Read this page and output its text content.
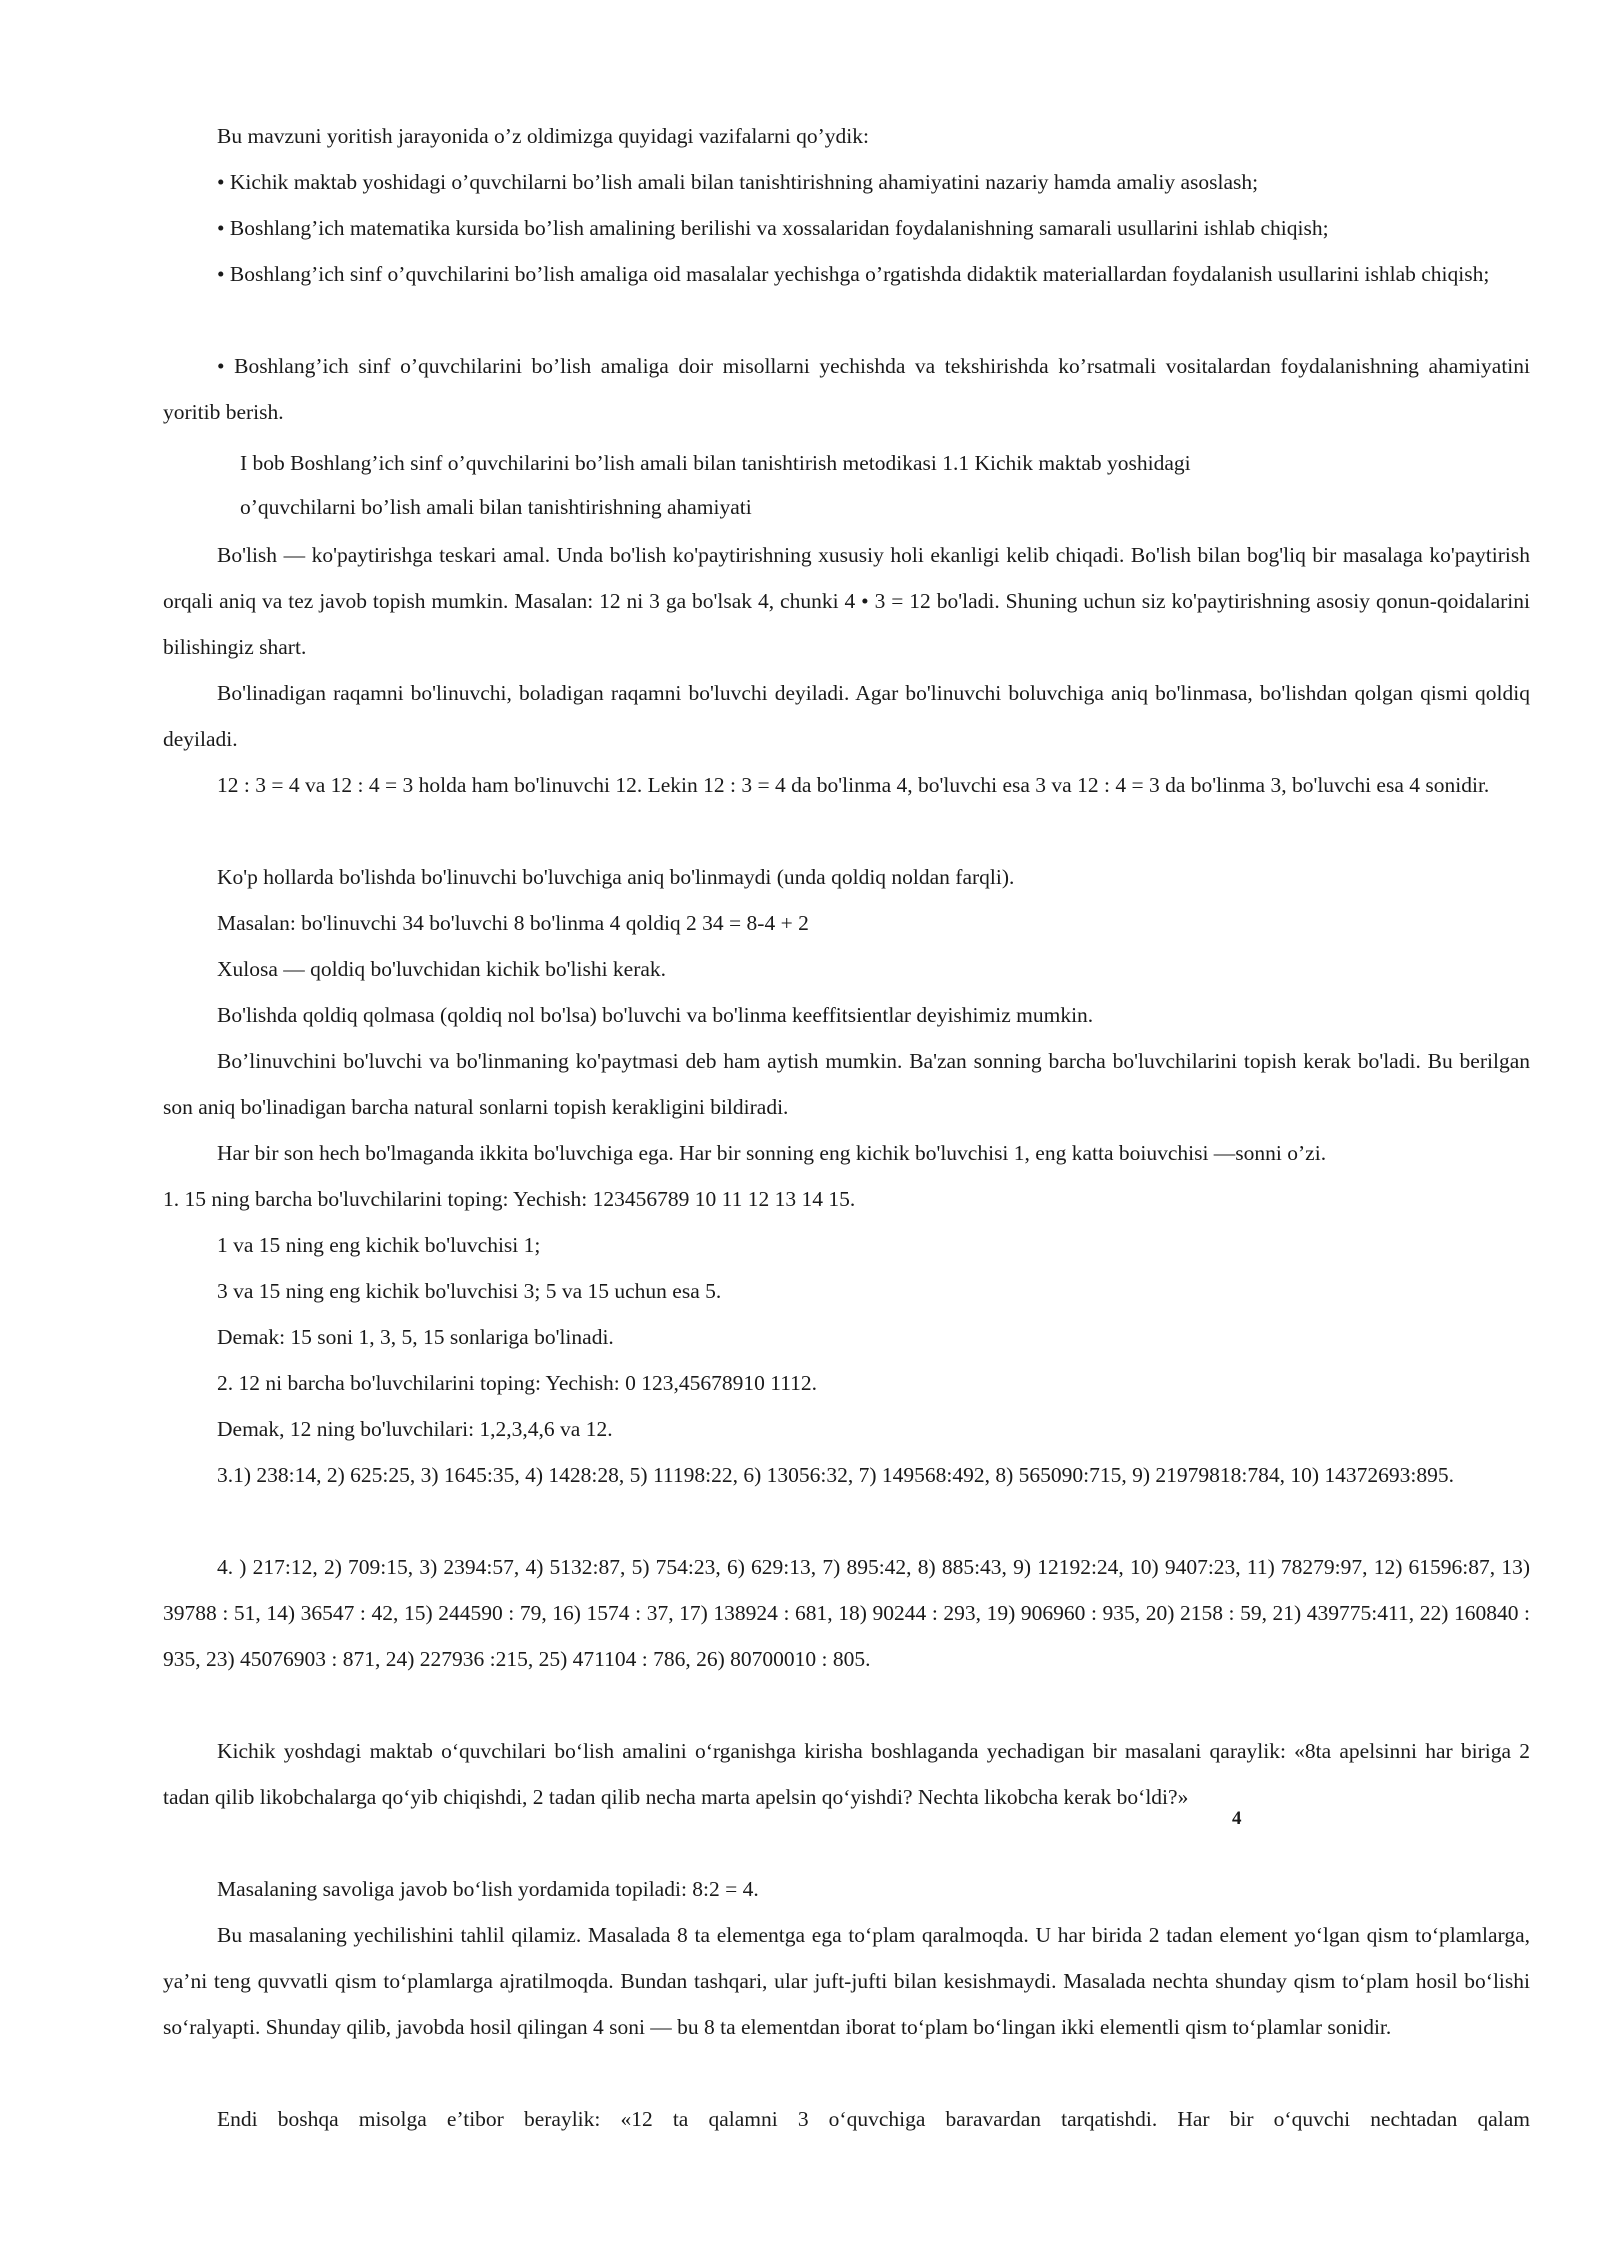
Bu mavzuni yoritish jarayonida o’z oldimizga quyidagi vazifalarni qo’ydik:

• Kichik maktab yoshidagi o’quvchilarni bo’lish amali bilan tanishtirishning ahamiyatini nazariy hamda amaliy asoslash;

• Boshlang’ich matematika kursida bo’lish amalining berilishi va xossalaridan foydalanishning samarali usullarini ishlab chiqish;

• Boshlang’ich sinf o’quvchilarini bo’lish amaliga oid masalalar yechishga o’rgatishda didaktik materiallardan foydalanish usullarini ishlab chiqish;

• Boshlang’ich sinf o’quvchilarini bo’lish amaliga doir misollarni yechishda va tekshirishda ko’rsatmali vositalardan foydalanishning ahamiyatini yoritib berish.

I bob Boshlang’ich sinf o’quvchilarini bo’lish amali bilan tanishtirish metodikasi 1.1 Kichik maktab yoshidagi

o’quvchilarni bo’lish amali bilan tanishtirishning ahamiyati

Bo'lish — ko'paytirishga teskari amal. Unda bo'lish ko'paytirishning xususiy holi ekanligi kelib chiqadi. Bo'lish bilan bog'liq bir masalaga ko'paytirish orqali aniq va tez javob topish mumkin. Masalan: 12 ni 3 ga bo'lsak 4, chunki 4 • 3 = 12 bo'ladi. Shuning uchun siz ko'paytirishning asosiy qonun-qoidalarini bilishingiz shart.

Bo'linadigan raqamni bo'linuvchi, boladigan raqamni bo'luvchi deyiladi. Agar bo'linuvchi boluvchiga aniq bo'linmasa, bo'lishdan qolgan qismi qoldiq deyiladi.

12 : 3 = 4 va 12 : 4 = 3 holda ham bo'linuvchi 12. Lekin 12 : 3 = 4 da bo'linma 4, bo'luvchi esa 3 va 12 : 4 = 3 da bo'linma 3, bo'luvchi esa 4 sonidir.

Ko'p hollarda bo'lishda bo'linuvchi bo'luvchiga aniq bo'linmaydi (unda qoldiq noldan farqli).

Masalan: bo'linuvchi 34 bo'luvchi 8 bo'linma 4 qoldiq 2 34 = 8-4 + 2

Xulosa — qoldiq bo'luvchidan kichik bo'lishi kerak.

Bo'lishda qoldiq qolmasa (qoldiq nol bo'lsa) bo'luvchi va bo'linma keeffitsientlar deyishimiz mumkin.

Bo’linuvchini bo'luvchi va bo'linmaning ko'paytmasi deb ham aytish mumkin. Ba'zan sonning barcha bo'luvchilarini topish kerak bo'ladi. Bu berilgan son aniq bo'linadigan barcha natural sonlarni topish kerakligini bildiradi.

Har bir son hech bo'lmaganda ikkita bo'luvchiga ega. Har bir sonning eng kichik bo'luvchisi 1, eng katta boiuvchisi —sonni o’zi.

1. 15 ning barcha bo'luvchilarini toping: Yechish: 123456789 10 11 12 13 14 15.

1 va 15 ning eng kichik bo'luvchisi 1;

3 va 15 ning eng kichik bo'luvchisi 3; 5 va 15 uchun esa 5.

Demak: 15 soni 1, 3, 5, 15 sonlariga bo'linadi.

2. 12 ni barcha bo'luvchilarini toping: Yechish: 0 123,45678910 1112.

Demak, 12 ning bo'luvchilari: 1,2,3,4,6 va 12.

3.1) 238:14, 2) 625:25, 3) 1645:35, 4) 1428:28, 5) 11198:22, 6) 13056:32, 7) 149568:492, 8) 565090:715, 9) 21979818:784, 10) 14372693:895.

4. ) 217:12, 2) 709:15, 3) 2394:57, 4) 5132:87, 5) 754:23, 6) 629:13, 7) 895:42, 8) 885:43, 9) 12192:24, 10) 9407:23, 11) 78279:97, 12) 61596:87, 13) 39788 : 51, 14) 36547 : 42, 15) 244590 : 79, 16) 1574 : 37, 17) 138924 : 681, 18) 90244 : 293, 19) 906960 : 935, 20) 2158 : 59, 21) 439775:411, 22) 160840 : 935, 23) 45076903 : 871, 24) 227936 :215, 25) 471104 : 786, 26) 80700010 : 805.

Kichik yoshdagi maktab o‘quvchilari bo‘lish amalini o‘rganishga kirisha boshlaganda yechadigan bir masalani qaraylik: «8ta apelsinni har biriga 2 tadan qilib likobchalarga qo‘yib chiqishdi, 2 tadan qilib necha marta apelsin qo‘yishdi? Nechta likobcha kerak bo‘ldi?»

Masalaning savoliga javob bo‘lish yordamida topiladi: 8:2 = 4.

Bu masalaning yechilishini tahlil qilamiz. Masalada 8 ta elementga ega to‘plam qaralmoqda. U har birida 2 tadan element yo‘lgan qism to‘plamlarga, ya’ni teng quvvatli qism to‘plamlarga ajratilmoqda. Bundan tashqari, ular juft-jufti bilan kesishmaydi. Masalada nechta shunday qism to‘plam hosil bo‘lishi so‘ralyapti. Shunday qilib, javobda hosil qilingan 4 soni — bu 8 ta elementdan iborat to‘plam bo‘lingan ikki elementli qism to‘plamlar sonidir.

Endi boshqa misolga e’tibor beraylik: «12 ta qalamni 3 o‘quvchiga baravardan tarqatishdi. Har bir o‘quvchi nechtadan qalam

4
